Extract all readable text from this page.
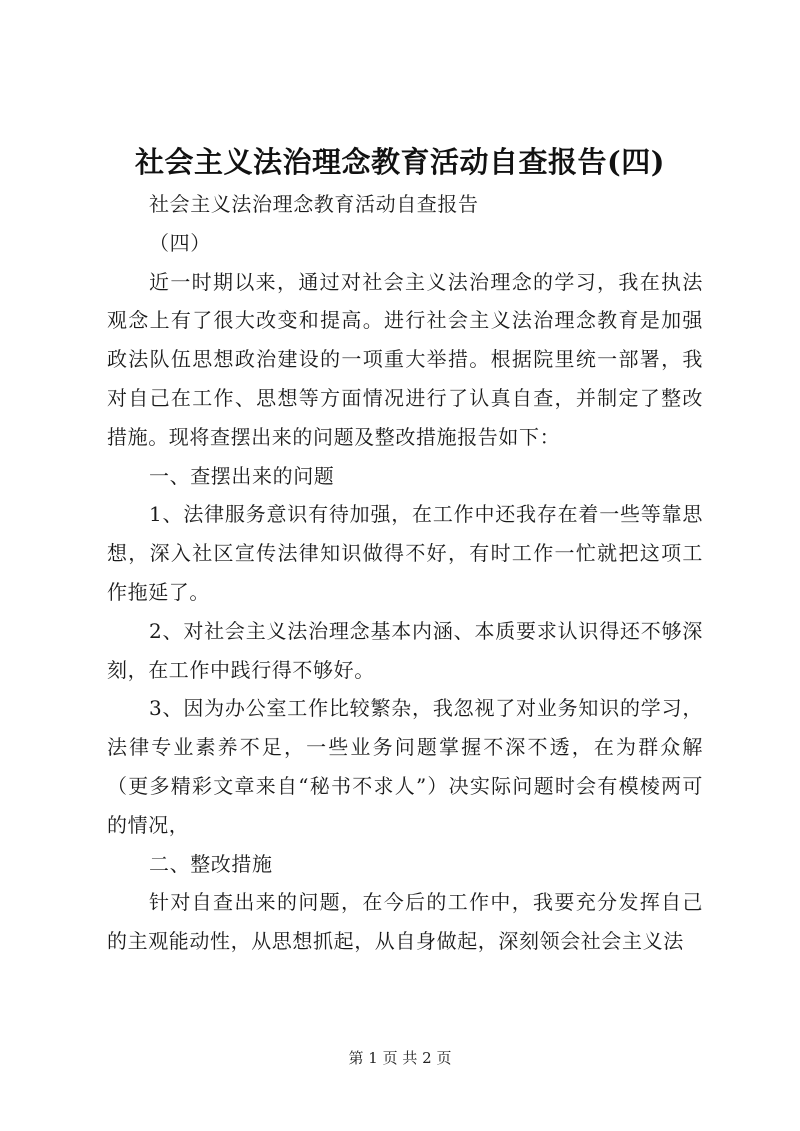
社会主义法治理念教育活动自查报告(四)

社会主义法治理念教育活动自查报告

（四）

近一时期以来，通过对社会主义法治理念的学习，我在执法观念上有了很大改变和提高。进行社会主义法治理念教育是加强政法队伍思想政治建设的一项重大举措。根据院里统一部署，我对自己在工作、思想等方面情况进行了认真自查，并制定了整改措施。现将查摆出来的问题及整改措施报告如下：

一、查摆出来的问题

1、法律服务意识有待加强，在工作中还我存在着一些等靠思想，深入社区宣传法律知识做得不好，有时工作一忙就把这项工作拖延了。

2、对社会主义法治理念基本内涵、本质要求认识得还不够深刻，在工作中践行得不够好。

3、因为办公室工作比较繁杂，我忽视了对业务知识的学习，法律专业素养不足，一些业务问题掌握不深不透，在为群众解（更多精彩文章来自“秘书不求人”）决实际问题时会有模棱两可的情况，

二、整改措施

针对自查出来的问题，在今后的工作中，我要充分发挥自己的主观能动性，从思想抓起，从自身做起，深刻领会社会主义法

第 1 页 共 2 页
